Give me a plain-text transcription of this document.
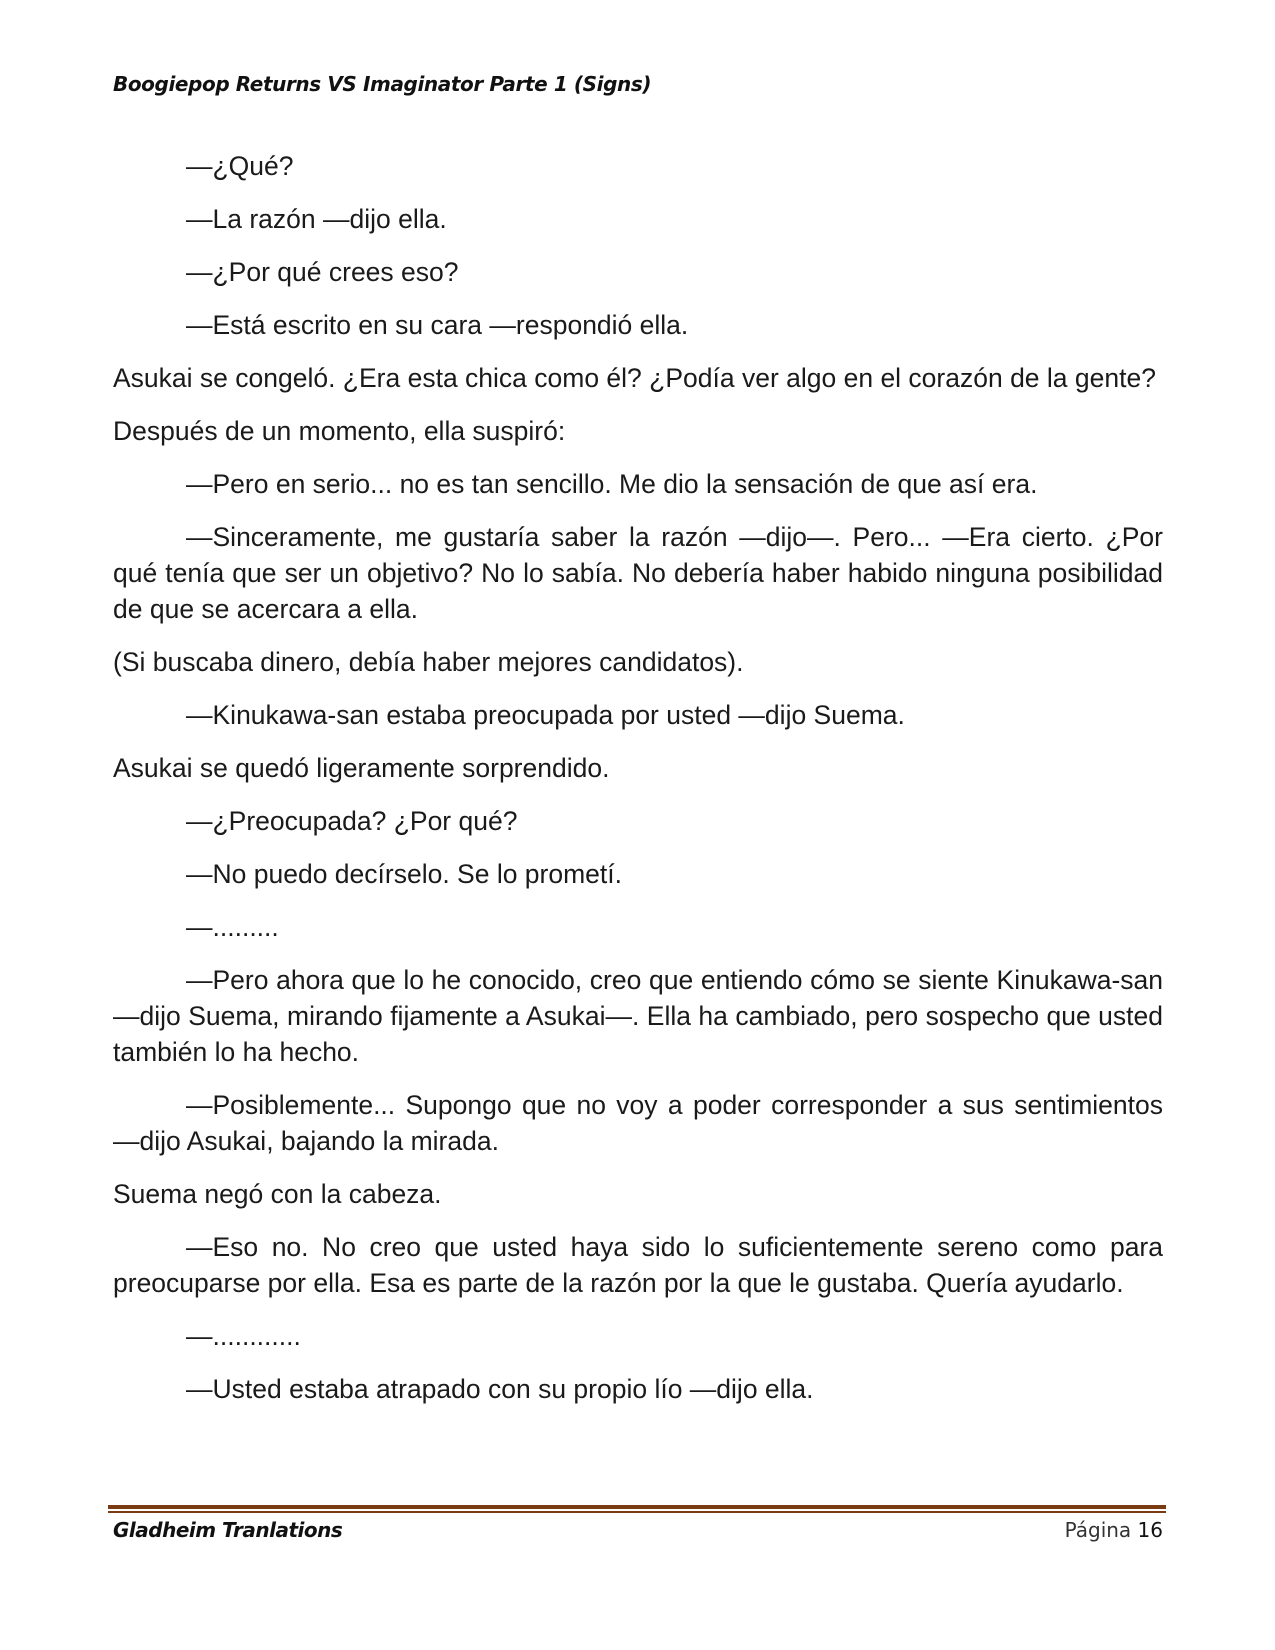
Boogiepop Returns VS Imaginator Parte 1 (Signs)

—¿Qué?

—La razón —dijo ella.

—¿Por qué crees eso?

—Está escrito en su cara —respondió ella.

Asukai se congeló. ¿Era esta chica como él? ¿Podía ver algo en el corazón de la gente?

Después de un momento, ella suspiró:

—Pero en serio... no es tan sencillo. Me dio la sensación de que así era.

—Sinceramente, me gustaría saber la razón —dijo—. Pero... —Era cierto. ¿Por qué tenía que ser un objetivo? No lo sabía. No debería haber habido ninguna posibilidad de que se acercara a ella.

(Si buscaba dinero, debía haber mejores candidatos).

—Kinukawa-san estaba preocupada por usted —dijo Suema.

Asukai se quedó ligeramente sorprendido.

—¿Preocupada? ¿Por qué?

—No puedo decírselo. Se lo prometí.

—.........

—Pero ahora que lo he conocido, creo que entiendo cómo se siente Kinukawa-san —dijo Suema, mirando fijamente a Asukai—. Ella ha cambiado, pero sospecho que usted también lo ha hecho.

—Posiblemente... Supongo que no voy a poder corresponder a sus sentimientos —dijo Asukai, bajando la mirada.

Suema negó con la cabeza.

—Eso no. No creo que usted haya sido lo suficientemente sereno como para preocuparse por ella. Esa es parte de la razón por la que le gustaba. Quería ayudarlo.

—............

—Usted estaba atrapado con su propio lío —dijo ella.

Gladheim Tranlations	Página 16
